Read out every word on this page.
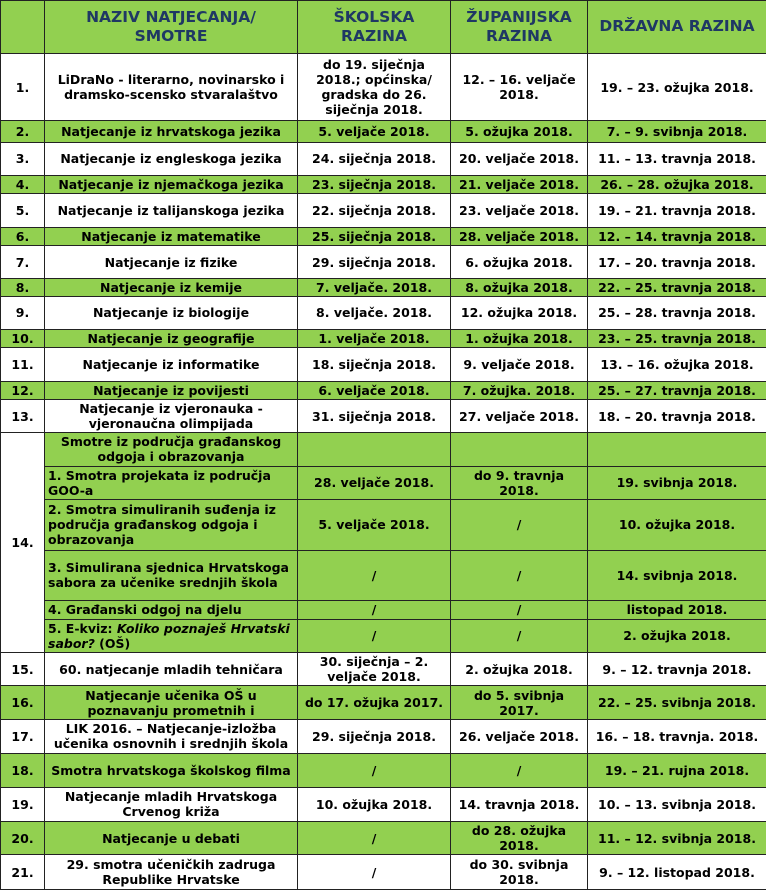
	NAZIV NATJECANJA/ SMOTRE	ŠKOLSKA RAZINA	ŽUPANIJSKA RAZINA	DRŽAVNA RAZINA
1.	LiDraNo - literarno, novinarsko i dramsko-scensko stvaralaštvo	do 19. siječnja 2018.; općinska/ gradska do 26. siječnja 2018.	12. – 16. veljače 2018.	19. – 23. ožujka 2018.
2.	Natjecanje iz hrvatskoga jezika	5. veljače 2018.	5. ožujka 2018.	7. – 9. svibnja 2018.
3.	Natjecanje iz engleskoga jezika	24. siječnja 2018.	20. veljače 2018.	11. – 13. travnja 2018.
4.	Natjecanje iz njemačkoga jezika	23. siječnja 2018.	21. veljače 2018.	26. – 28. ožujka 2018.
5.	Natjecanje iz talijanskoga jezika	22. siječnja 2018.	23. veljače 2018.	19. – 21. travnja 2018.
6.	Natjecanje iz matematike	25. siječnja 2018.	28. veljače 2018.	12. – 14. travnja 2018.
7.	Natjecanje iz fizike	29. siječnja 2018.	6. ožujka 2018.	17. – 20. travnja 2018.
8.	Natjecanje iz kemije	7. veljače. 2018.	8. ožujka 2018.	22. – 25. travnja 2018.
9.	Natjecanje iz biologije	8. veljače. 2018.	12. ožujka 2018.	25. – 28. travnja 2018.
10.	Natjecanje iz geografije	1. veljače 2018.	1. ožujka 2018.	23. – 25. travnja 2018.
11.	Natjecanje iz informatike	18. siječnja 2018.	9. veljače 2018.	13. – 16. ožujka 2018.
12.	Natjecanje iz povijesti	6. veljače 2018.	7. ožujka. 2018.	25. – 27. travnja 2018.
13.	Natjecanje iz vjeronauka - vjeronaučna olimpijada	31. siječnja 2018.	27. veljače 2018.	18. – 20. travnja 2018.
14.	Smotre iz područja građanskog odgoja i obrazovanja			
	1. Smotra projekata iz područja GOO-a	28. veljače 2018.	do 9. travnja 2018.	19. svibnja 2018.
	2. Smotra simuliranih suđenja iz područja građanskog odgoja i obrazovanja	5. veljače 2018.	/	10. ožujka 2018.
	3. Simulirana sjednica Hrvatskoga sabora za učenike srednjih škola	/	/	14. svibnja 2018.
	4. Građanski odgoj na djelu	/	/	listopad 2018.
	5. E-kviz: Koliko poznaješ Hrvatski sabor? (OŠ)	/	/	2. ožujka 2018.
15.	60. natjecanje mladih tehničara	30. siječnja – 2. veljače 2018.	2. ožujka 2018.	9. – 12. travnja 2018.
16.	Natjecanje učenika OŠ u poznavanju prometnih i	do 17. ožujka 2017.	do 5. svibnja 2017.	22. – 25. svibnja 2018.
17.	LIK 2016. – Natjecanje-izložba učenika osnovnih i srednjih škola	29. siječnja 2018.	26. veljače 2018.	16. – 18. travnja. 2018.
18.	Smotra hrvatskoga školskog filma	/	/	19. – 21. rujna 2018.
19.	Natjecanje mladih Hrvatskoga Crvenog križa	10. ožujka 2018.	14. travnja 2018.	10. – 13. svibnja 2018.
20.	Natjecanje u debati	/	do 28. ožujka 2018.	11. – 12. svibnja 2018.
21.	29. smotra učeničkih zadruga Republike Hrvatske	/	do 30. svibnja 2018.	9. – 12. listopad 2018.
